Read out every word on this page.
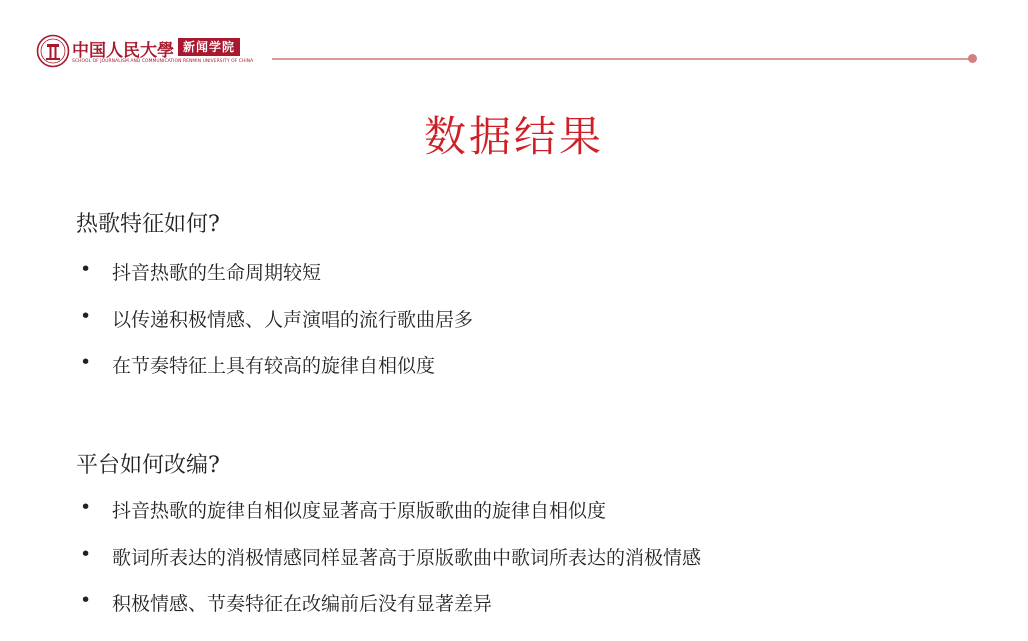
中国人民大學 新闻学院
SCHOOL OF JOURNALISM AND COMMUNICATION RENMIN UNIVERSITY OF CHINA
数据结果
热歌特征如何?
•	抖音热歌的生命周期较短
•	以传递积极情感、人声演唱的流行歌曲居多
•	在节奏特征上具有较高的旋律自相似度
平台如何改编?
•	抖音热歌的旋律自相似度显著高于原版歌曲的旋律自相似度
•	歌词所表达的消极情感同样显著高于原版歌曲中歌词所表达的消极情感
•	积极情感、节奏特征在改编前后没有显著差异
